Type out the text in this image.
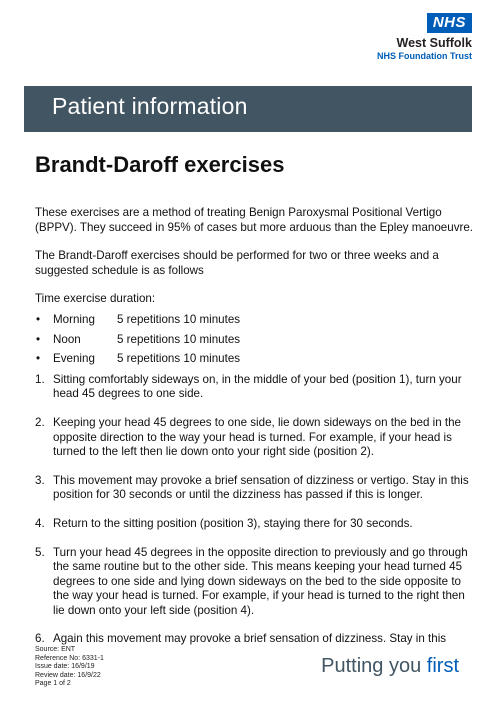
NHS
West Suffolk
NHS Foundation Trust
Patient information
Brandt-Daroff exercises

These exercises are a method of treating Benign Paroxysmal Positional Vertigo (BPPV). They succeed in 95% of cases but more arduous than the Epley manoeuvre.

The Brandt-Daroff exercises should be performed for two or three weeks and a suggested schedule is as follows

Time exercise duration:

• Morning 5 repetitions 10 minutes
• Noon	5 repetitions 10 minutes
• Evening 5 repetitions 10 minutes
1. Sitting comfortably sideways on, in the middle of your bed (position 1), turn your head 45 degrees to one side.
2. Keeping your head 45 degrees to one side, lie down sideways on the bed in the opposite direction to the way your head is turned. For example, if your head is turned to the left then lie down onto your right side (position 2).
3. This movement may provoke a brief sensation of dizziness or vertigo. Stay in this position for 30 seconds or until the dizziness has passed if this is longer.
4. Return to the sitting position (position 3), staying there for 30 seconds.
5. Turn your head 45 degrees in the opposite direction to previously and go through the same routine but to the other side. This means keeping your head turned 45 degrees to one side and lying down sideways on the bed to the side opposite to the way your head is turned. For example, if your head is turned to the right then lie down onto your left side (position 4).
6. Again this movement may provoke a brief sensation of dizziness. Stay in this
Source: ENT
Reference No: 6331-1
Issue date: 16/9/19
Review date: 16/9/22
Page 1 of 2
Putting you first
